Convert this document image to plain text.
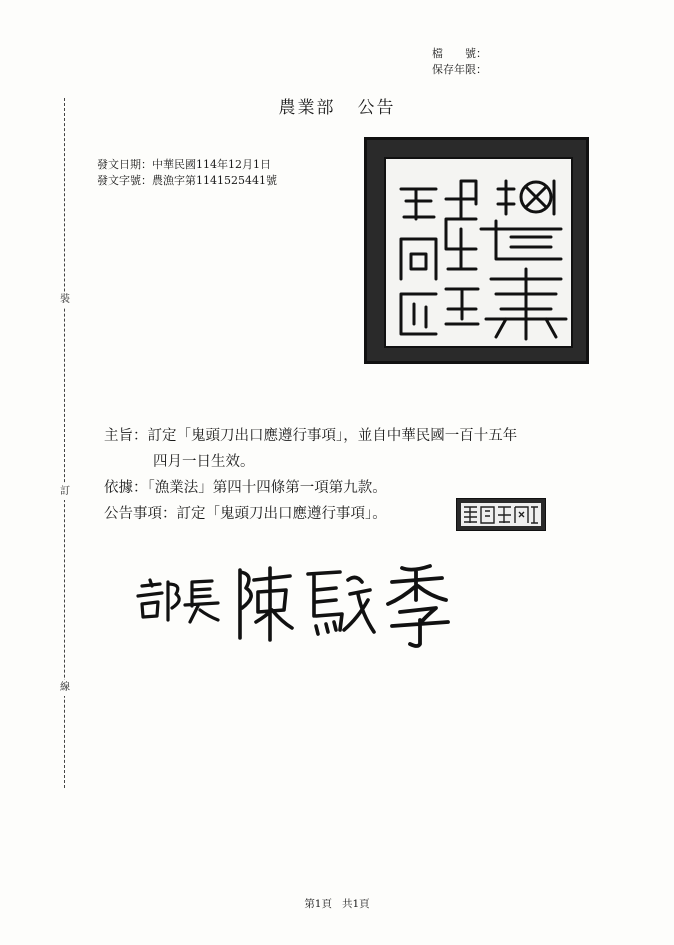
檔　　號：
保存年限：
裝
訂
線
農業部 公告
發文日期：中華民國114年12月1日
發文字號：農漁字第1141525441號
主旨：訂定「鬼頭刀出口應遵行事項」，並自中華民國一百十五年
四月一日生效。
依據：「漁業法」第四十四條第一項第九款。
公告事項：訂定「鬼頭刀出口應遵行事項」。
第1頁 共1頁
